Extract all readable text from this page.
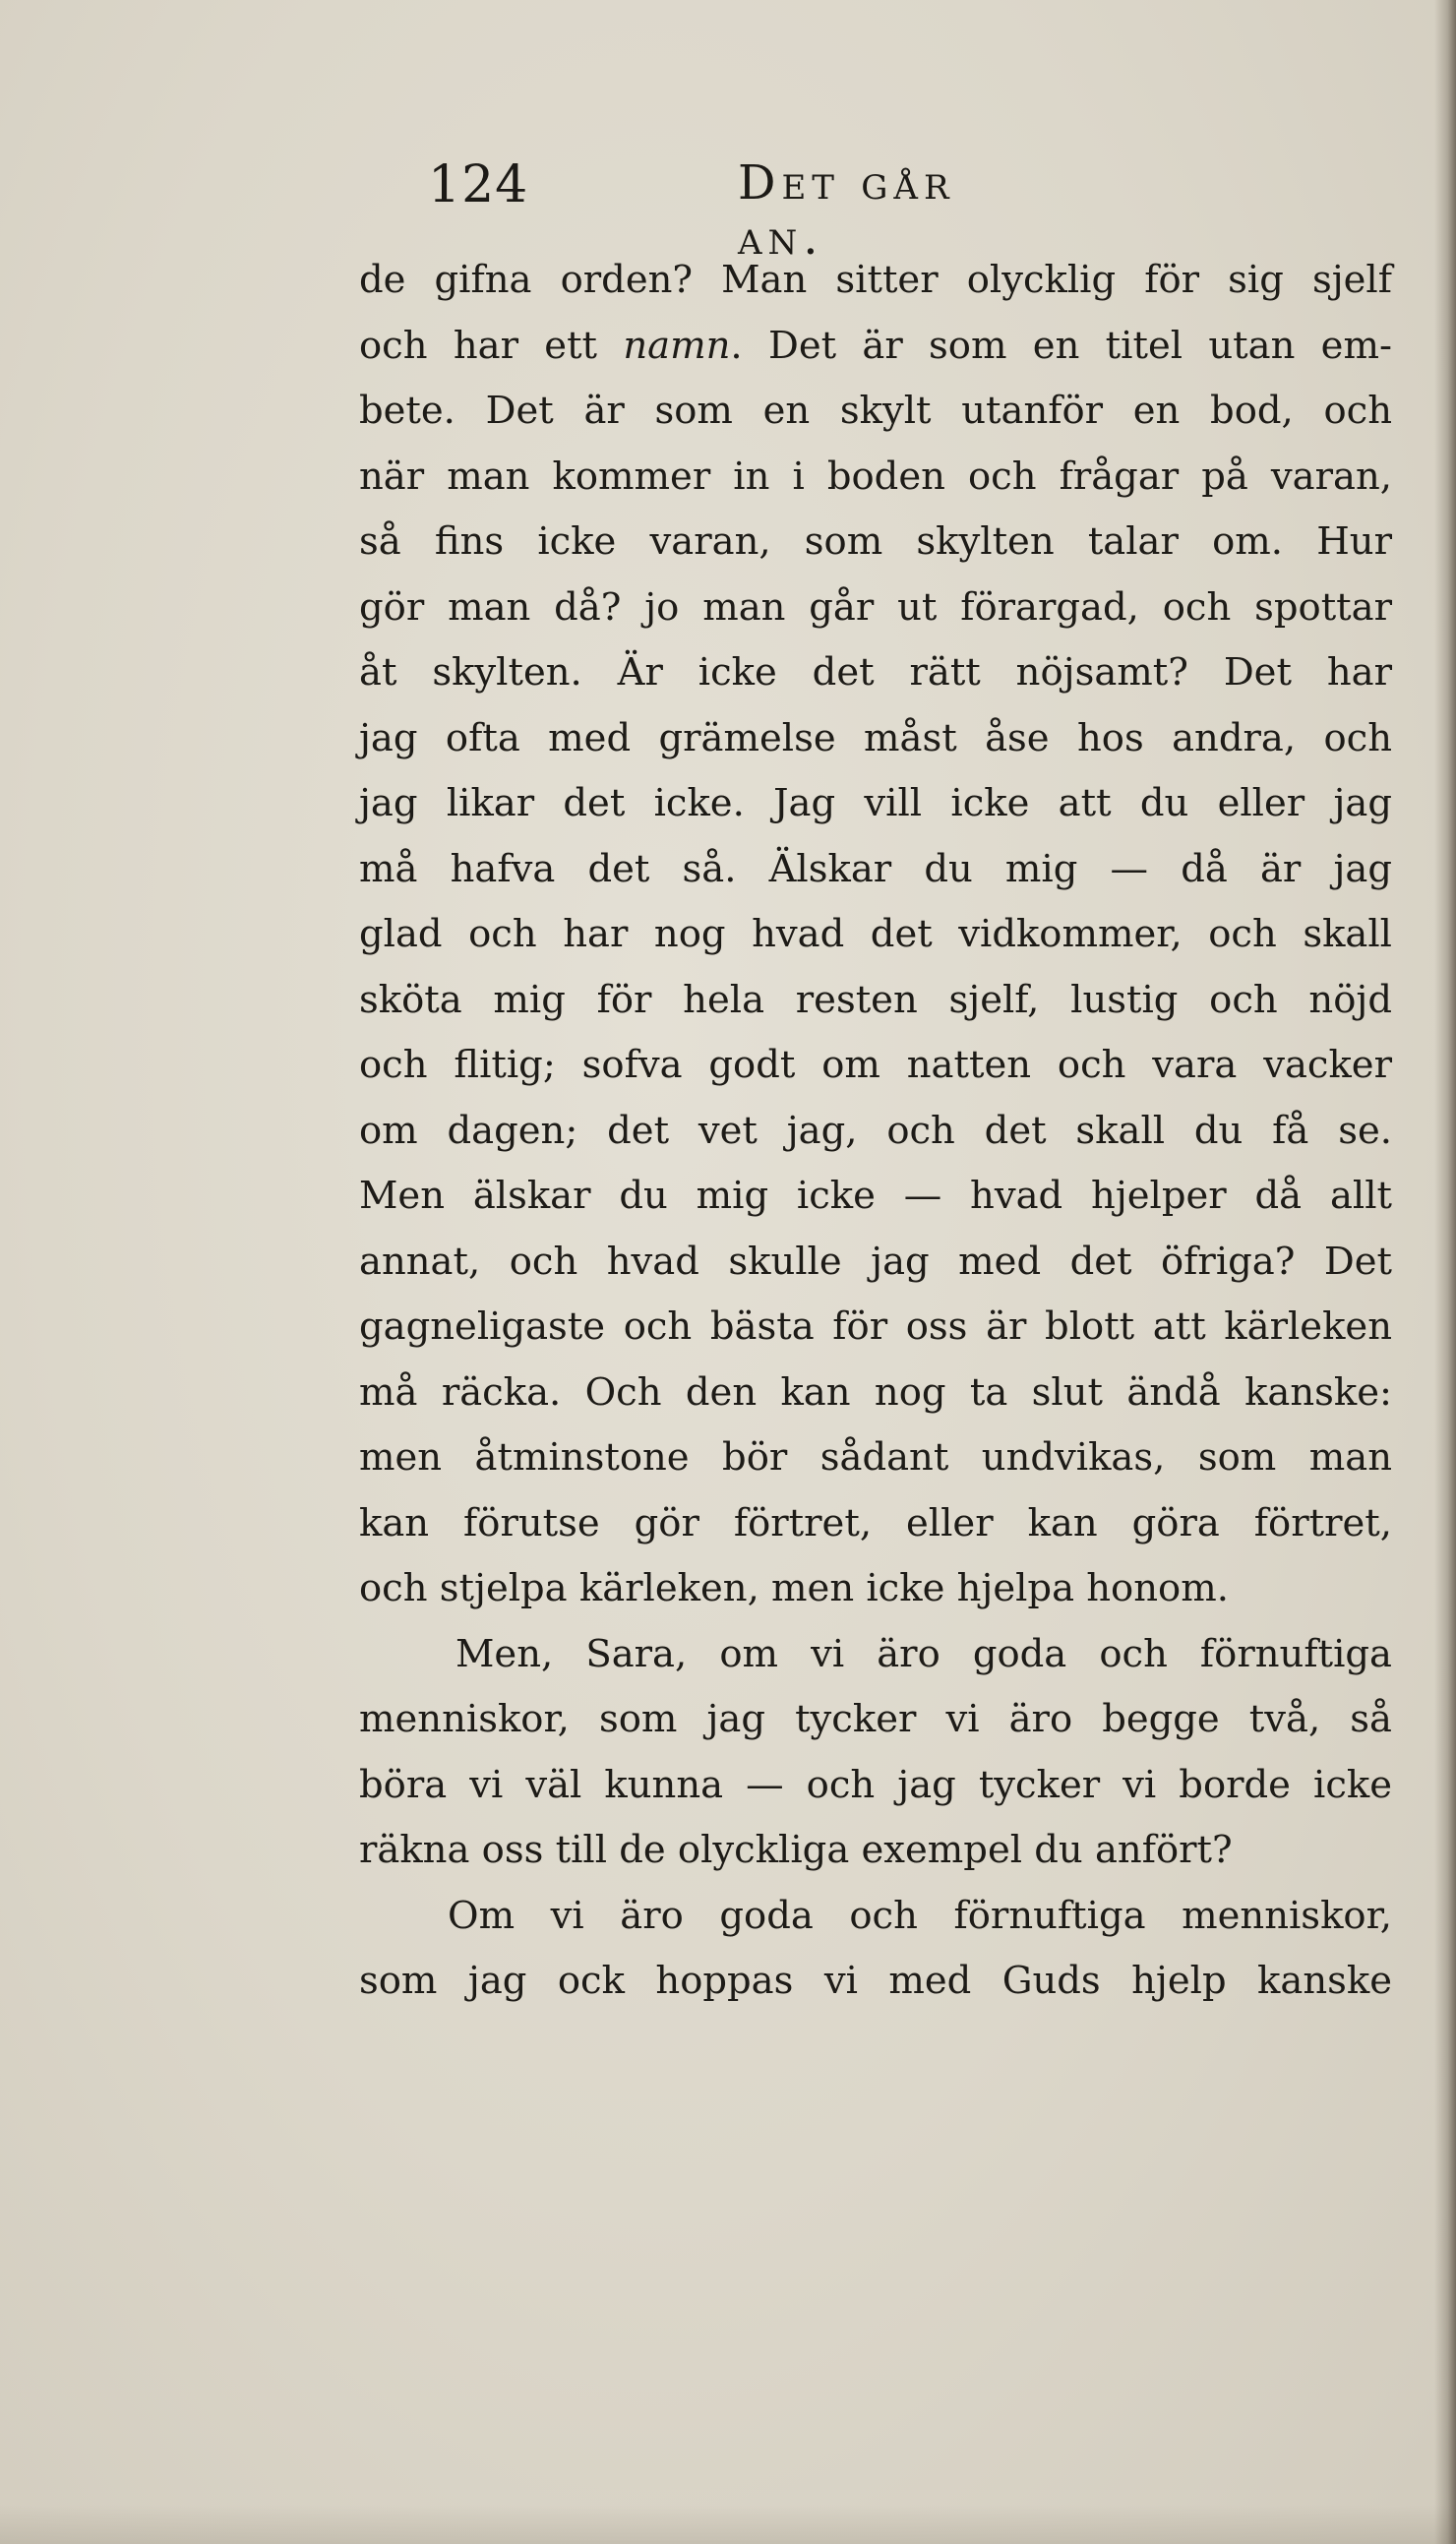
124	Det går an.
de gifna orden? Man sitter olycklig för sig sjelf
och har ett namn. Det är som en titel utan em-
bete. Det är som en skylt utanför en bod, och
när man kommer in i boden och frågar på varan,
så fins icke varan, som skylten talar om. Hur
gör man då? jo man går ut förargad, och spottar
åt skylten. Är icke det rätt nöjsamt? Det har
jag ofta med grämelse måst åse hos andra, och
jag likar det icke. Jag vill icke att du eller jag
må hafva det så. Älskar du mig — då är jag
glad och har nog hvad det vidkommer, och skall
sköta mig för hela resten sjelf, lustig och nöjd
och flitig; sofva godt om natten och vara vacker
om dagen; det vet jag, och det skall du få se.
Men älskar du mig icke — hvad hjelper då allt
annat, och hvad skulle jag med det öfriga? Det
gagneligaste och bästa för oss är blott att kärleken
må räcka. Och den kan nog ta slut ändå kanske:
men åtminstone bör sådant undvikas, som man
kan förutse gör förtret, eller kan göra förtret,
och stjelpa kärleken, men icke hjelpa honom.
Men, Sara, om vi äro goda och förnuftiga
menniskor, som jag tycker vi äro begge två, så
böra vi väl kunna — och jag tycker vi borde icke
räkna oss till de olyckliga exempel du anfört?
Om vi äro goda och förnuftiga menniskor,
som jag ock hoppas vi med Guds hjelp kanske
